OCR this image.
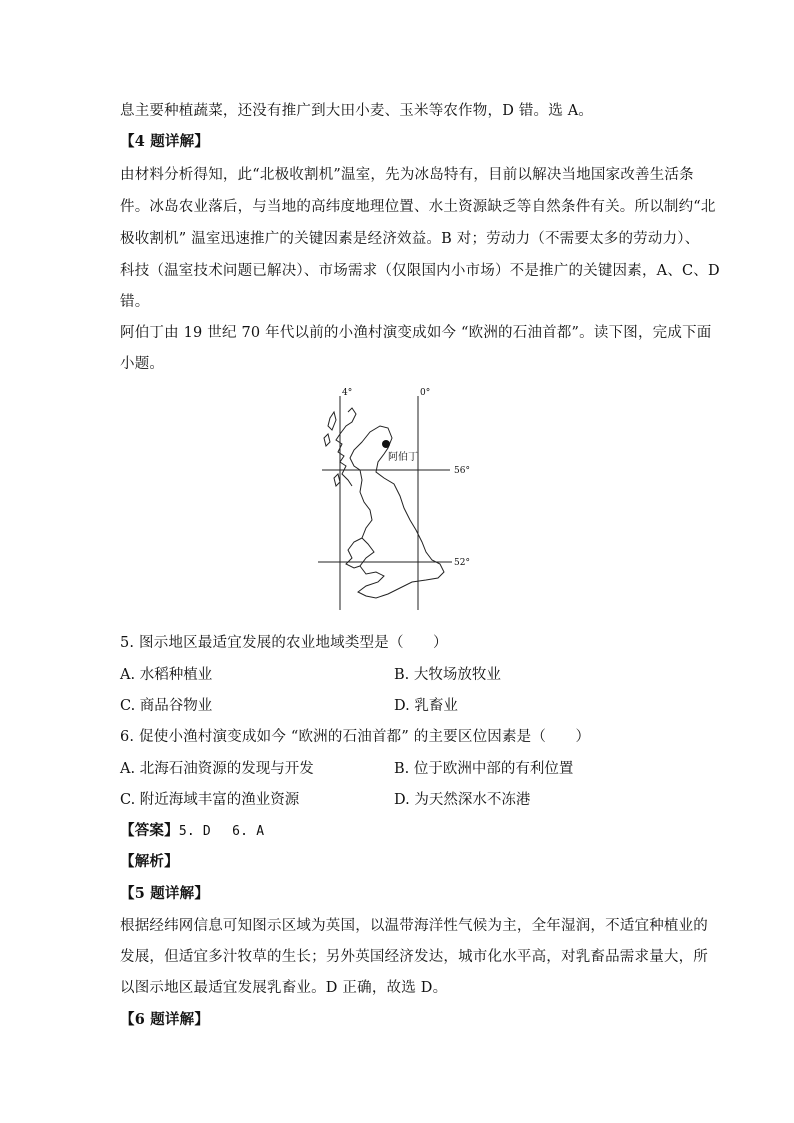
息主要种植蔬菜，还没有推广到大田小麦、玉米等农作物，D 错。选 A。
【4 题详解】
由材料分析得知，此“北极收割机”温室，先为冰岛特有，目前以解决当地国家改善生活条
件。冰岛农业落后，与当地的高纬度地理位置、水土资源缺乏等自然条件有关。所以制约“北
极收割机” 温室迅速推广的关键因素是经济效益。B 对；劳动力（不需要太多的劳动力）、
科技（温室技术问题已解决）、市场需求（仅限国内小市场）不是推广的关键因素，A、C、D
错。
阿伯丁由 19 世纪 70 年代以前的小渔村演变成如今 “欧洲的石油首都”。读下图，完成下面
小题。
阿伯丁
4°	0°
56°
52°
5. 图示地区最适宜发展的农业地域类型是（　　）
A. 水稻种植业	B. 大牧场放牧业
C. 商品谷物业	D. 乳畜业
6. 促使小渔村演变成如今 “欧洲的石油首都” 的主要区位因素是（　　）
A. 北海石油资源的发现与开发	B. 位于欧洲中部的有利位置
C. 附近海域丰富的渔业资源	D. 为天然深水不冻港
【答案】5. D　 6. A
【解析】
【5 题详解】
根据经纬网信息可知图示区域为英国，以温带海洋性气候为主，全年湿润，不适宜种植业的
发展，但适宜多汁牧草的生长；另外英国经济发达，城市化水平高，对乳畜品需求量大，所
以图示地区最适宜发展乳畜业。D 正确，故选 D。
【6 题详解】
